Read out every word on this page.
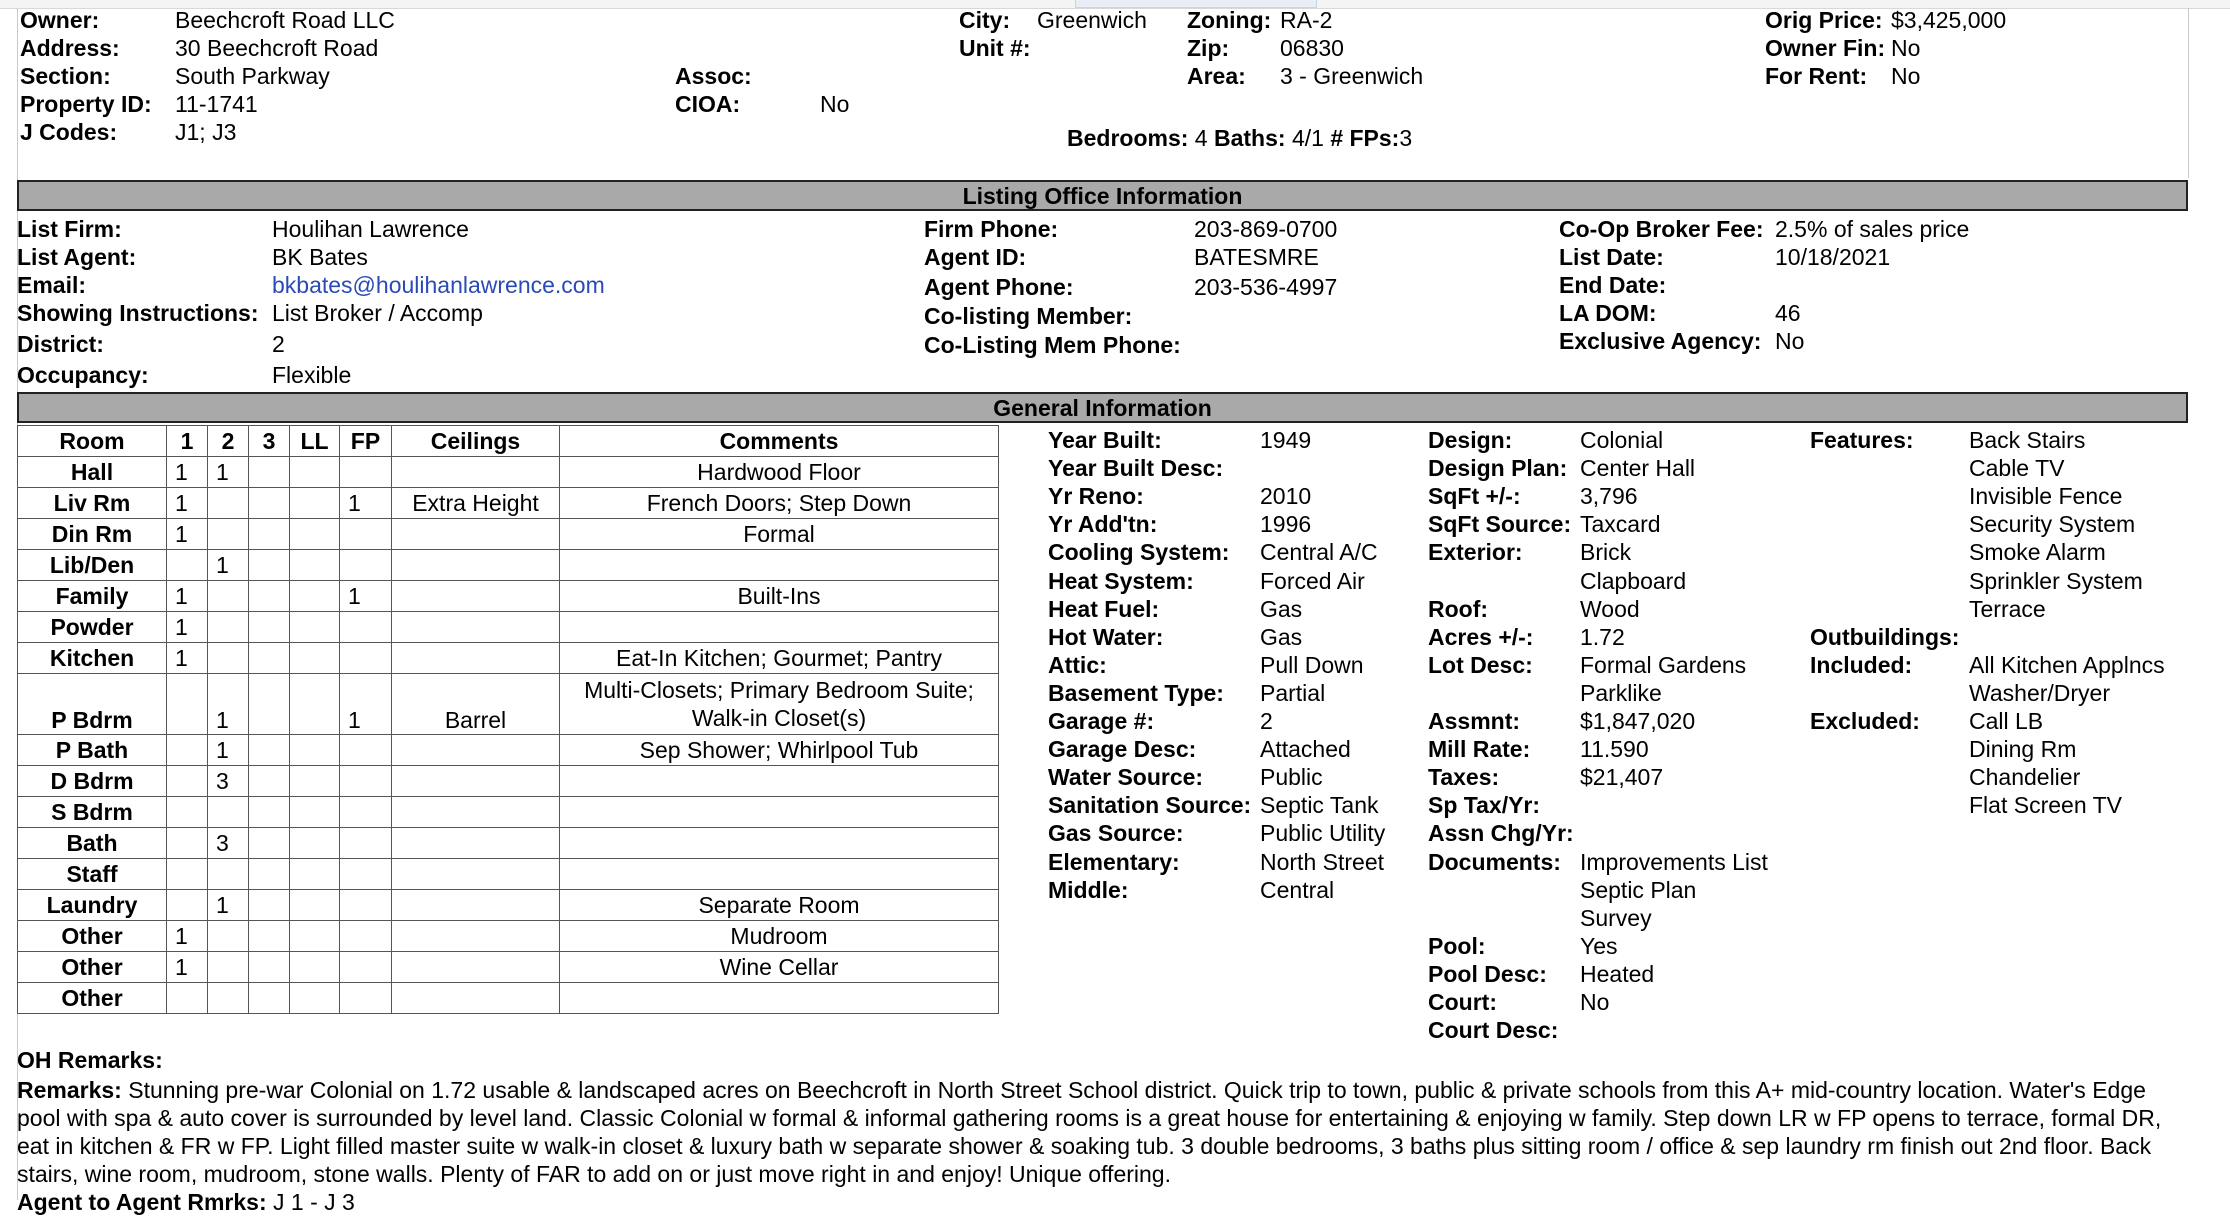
Owner:	Beechcroft Road LLC
Address: 30 Beechcroft Road
Section:	South Parkway
Property ID: 11-1741
J Codes:	J1; J3
Assoc:
CIOA:	No
City: Greenwich
Unit #:
Zoning: RA-2
Zip: 06830
Area: 3 - Greenwich
Bedrooms: 4 Baths: 4/1 # FPs:3
Orig Price: $3,425,000
Owner Fin: No
For Rent: No
Listing Office Information
List Firm:	Houlihan Lawrence
List Agent:	BK Bates
Email:	bkbates@houlihanlawrence.com
Showing Instructions: List Broker / Accomp
District:	2
Occupancy:	Flexible
Firm Phone:	203-869-0700
Agent ID:	BATESMRE
Agent Phone:	203-536-4997
Co-listing Member:
Co-Listing Mem Phone:
Co-Op Broker Fee: 2.5% of sales price
List Date:	10/18/2021
End Date:
LA DOM:	46
Exclusive Agency: No
General Information
Room	1	2	3	LL	FP	Ceilings	Comments
Hall	1	1					Hardwood Floor
Liv Rm	1				1	Extra Height	French Doors; Step Down
Din Rm	1						Formal
Lib/Den		1					
Family	1				1		Built-Ins
Powder	1						
Kitchen	1						Eat-In Kitchen; Gourmet; Pantry
P Bdrm		1			1	Barrel	Multi-Closets; Primary Bedroom Suite; Walk-in Closet(s)
P Bath		1					Sep Shower; Whirlpool Tub
D Bdrm		3					
S Bdrm							
Bath		3					
Staff							
Laundry		1					Separate Room
Other	1						Mudroom
Other	1						Wine Cellar
Other							
Year Built:	1949
Year Built Desc:
Yr Reno:	2010
Yr Add'tn:	1996
Cooling System: Central A/C
Heat System:	Forced Air
Heat Fuel:	Gas
Hot Water:	Gas
Attic:	Pull Down
Basement Type: Partial
Garage #:	2
Garage Desc:	Attached
Water Source: Public
Sanitation Source: Septic Tank
Gas Source:	Public Utility
Elementary:	North Street
Middle:	Central
Design:	Colonial
Design Plan: Center Hall
SqFt +/-:	3,796
SqFt Source: Taxcard
Exterior: Brick
Clapboard
Roof:	Wood
Acres +/-: 1.72
Lot Desc: Formal Gardens
Parklike
Assmnt:	$1,847,020
Mill Rate: 11.590
Taxes:	$21,407
Sp Tax/Yr:
Assn Chg/Yr:
Documents: Improvements List
Septic Plan
Survey
Pool:	Yes
Pool Desc: Heated
Court:	No
Court Desc:
Features: Back Stairs
Cable TV
Invisible Fence
Security System
Smoke Alarm
Sprinkler System
Terrace
Outbuildings:
Included: All Kitchen Applncs
Washer/Dryer
Excluded: Call LB
Dining Rm
Chandelier
Flat Screen TV
OH Remarks:
Remarks: Stunning pre-war Colonial on 1.72 usable & landscaped acres on Beechcroft in North Street School district. Quick trip to town, public & private schools from this A+ mid-country location. Water's Edge pool with spa & auto cover is surrounded by level land. Classic Colonial w formal & informal gathering rooms is a great house for entertaining & enjoying w family. Step down LR w FP opens to terrace, formal DR, eat in kitchen & FR w FP. Light filled master suite w walk-in closet & luxury bath w separate shower & soaking tub. 3 double bedrooms, 3 baths plus sitting room / office & sep laundry rm finish out 2nd floor. Back stairs, wine room, mudroom, stone walls. Plenty of FAR to add on or just move right in and enjoy! Unique offering.
Agent to Agent Rmrks: J 1 - J 3
